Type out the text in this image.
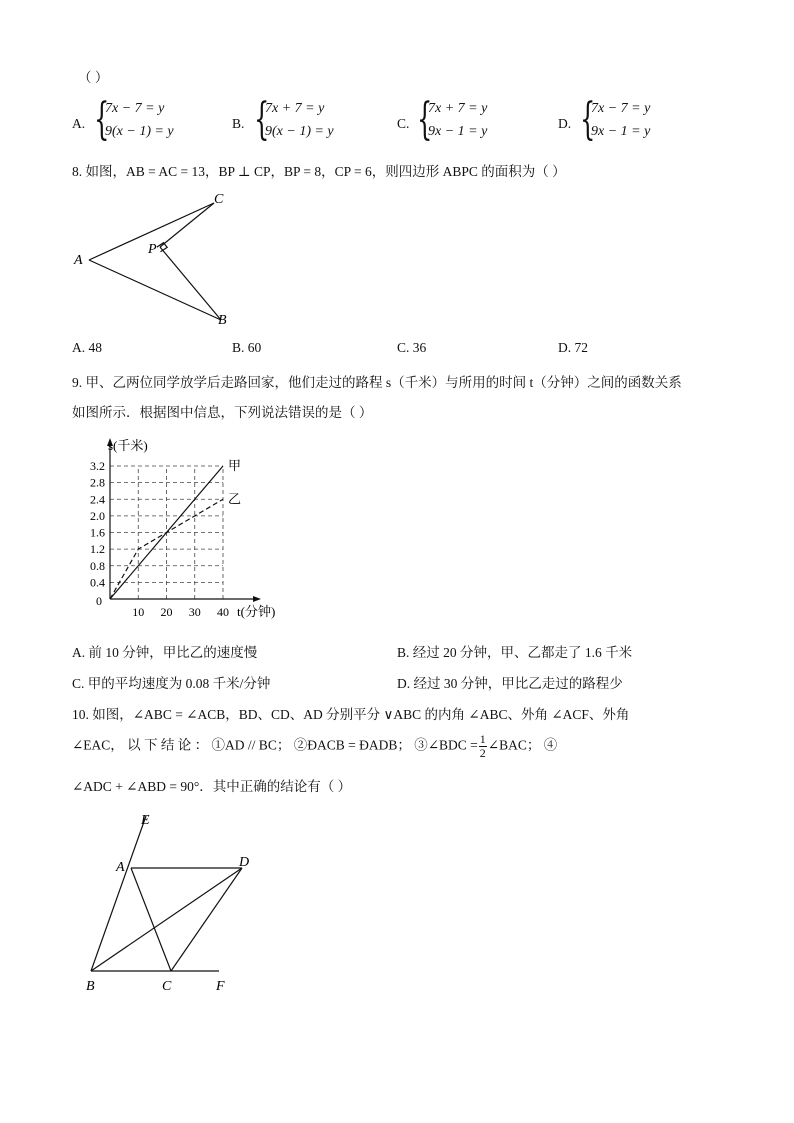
（ ）
A. {
7x − 7 = y
9(x − 1) = y
B. {
7x + 7 = y
9(x − 1) = y
C. {
7x + 7 = y
9x − 1 = y
D. {
7x − 7 = y
9x − 1 = y
8. 如图，AB = AC = 13，BP ⊥ CP，BP = 8，CP = 6，则四边形 ABPC 的面积为（ ）
A
C
P
B
A. 48	B. 60	C. 36	D. 72
9. 甲、乙两位同学放学后走路回家，他们走过的路程 s（千米）与所用的时间 t（分钟）之间的函数关系
如图所示．根据图中信息，下列说法错误的是（ ）
10 20 30 40
0.4
0.8
1.2
1.6
2.0
2.4
2.8
3.2
0
s(千米)
t(分钟)
甲
乙
A. 前 10 分钟，甲比乙的速度慢	B. 经过 20 分钟，甲、乙都走了 1.6 千米
C. 甲的平均速度为 0.08 千米/分钟	D. 经过 30 分钟，甲比乙走过的路程少
10. 如图，∠ABC = ∠ACB，BD、CD、AD 分别平分 ∨ABC 的内角 ∠ABC、外角 ∠ACF、外角
∠EAC， 以 下 结 论 ： ①AD // BC； ②ÐACB = ÐADB； ③∠BDC = $\frac{1}{2}$ ∠BAC； ④
∠ADC + ∠ABD = 90°．其中正确的结论有（ ）
E
A	D
B	C	F
